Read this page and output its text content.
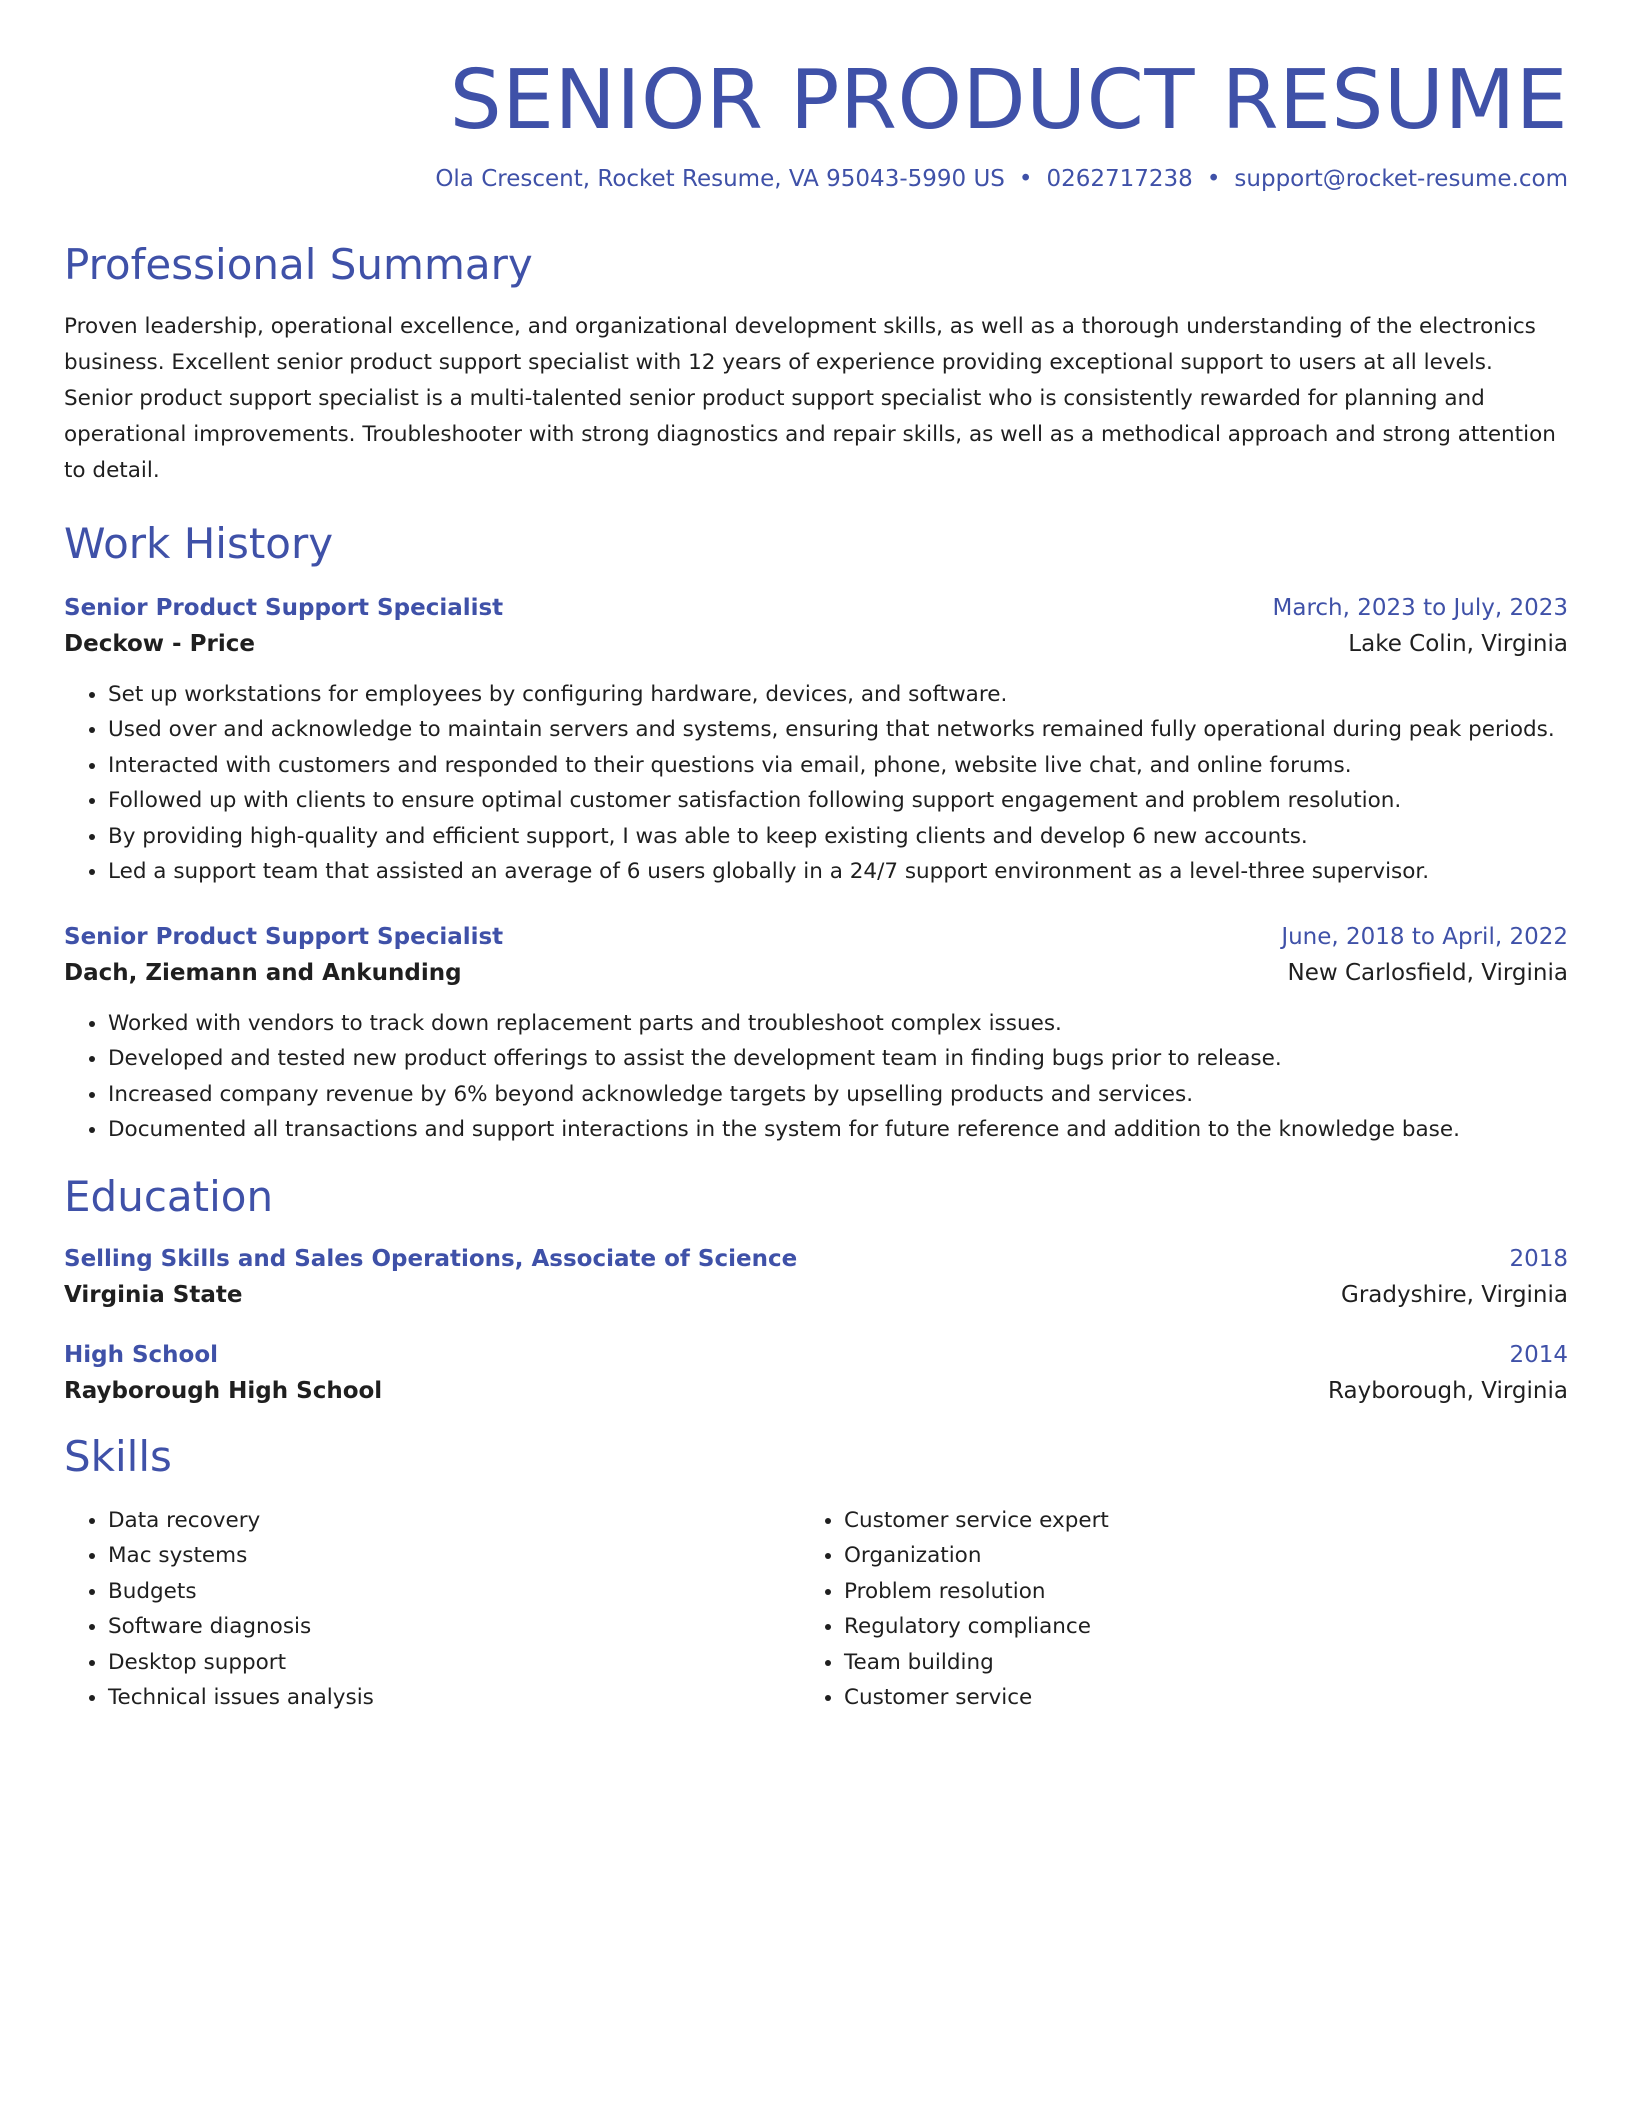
SENIOR PRODUCT RESUME
Ola Crescent, Rocket Resume, VA 95043-5990 US • 0262717238 • support@rocket-resume.com
Professional Summary

Proven leadership, operational excellence, and organizational development skills, as well as a thorough understanding of the electronics business. Excellent senior product support specialist with 12 years of experience providing exceptional support to users at all levels. Senior product support specialist is a multi-talented senior product support specialist who is consistently rewarded for planning and operational improvements. Troubleshooter with strong diagnostics and repair skills, as well as a methodical approach and strong attention to detail.

Work History
Senior Product Support Specialist	March, 2023 to July, 2023
Deckow - Price	Lake Colin, Virginia
• Set up workstations for employees by configuring hardware, devices, and software.
• Used over and acknowledge to maintain servers and systems, ensuring that networks remained fully operational during peak periods.
• Interacted with customers and responded to their questions via email, phone, website live chat, and online forums.
• Followed up with clients to ensure optimal customer satisfaction following support engagement and problem resolution.
• By providing high-quality and efficient support, I was able to keep existing clients and develop 6 new accounts.
• Led a support team that assisted an average of 6 users globally in a 24/7 support environment as a level-three supervisor.
Senior Product Support Specialist	June, 2018 to April, 2022
Dach, Ziemann and Ankunding	New Carlosfield, Virginia
• Worked with vendors to track down replacement parts and troubleshoot complex issues.
• Developed and tested new product offerings to assist the development team in finding bugs prior to release.
• Increased company revenue by 6% beyond acknowledge targets by upselling products and services.
• Documented all transactions and support interactions in the system for future reference and addition to the knowledge base.
Education
Selling Skills and Sales Operations, Associate of Science	2018
Virginia State	Gradyshire, Virginia
High School	2014
Rayborough High School	Rayborough, Virginia
Skills
• Data recovery
• Mac systems
• Budgets
• Software diagnosis
• Desktop support
• Technical issues analysis
• Customer service expert
• Organization
• Problem resolution
• Regulatory compliance
• Team building
• Customer service
